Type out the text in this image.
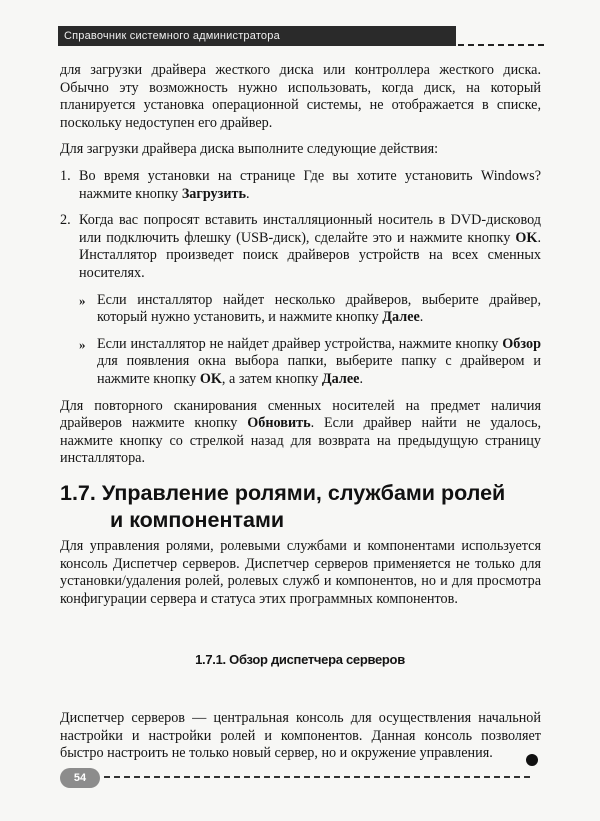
Справочник системного администратора

для загрузки драйвера жесткого диска или контроллера жесткого диска. Обычно эту возможность нужно использовать, когда диск, на который планируется установка операционной системы, не отображается в списке, поскольку недоступен его драйвер.

Для загрузки драйвера диска выполните следующие действия:

1. Во время установки на странице Где вы хотите установить Windows? нажмите кнопку Загрузить.
2. Когда вас попросят вставить инсталляционный носитель в DVD-дисковод или подключить флешку (USB-диск), сделайте это и нажмите кнопку OK. Инсталлятор произведет поиск драйверов устройств на всех сменных носителях.
» Если инсталлятор найдет несколько драйверов, выберите драйвер, который нужно установить, и нажмите кнопку Далее.
» Если инсталлятор не найдет драйвер устройства, нажмите кнопку Обзор для появления окна выбора папки, выберите папку с драйвером и нажмите кнопку OK, а затем кнопку Далее.

Для повторного сканирования сменных носителей на предмет наличия драйверов нажмите кнопку Обновить. Если драйвер найти не удалось, нажмите кнопку со стрелкой назад для возврата на предыдущую страницу инсталлятора.

1.7. Управление ролями, службами ролей
и компонентами

Для управления ролями, ролевыми службами и компонентами используется консоль Диспетчер серверов. Диспетчер серверов применяется не только для установки/удаления ролей, ролевых служб и компонентов, но и для просмотра конфигурации сервера и статуса этих программных компонентов.

1.7.1. Обзор диспетчера серверов

Диспетчер серверов — центральная консоль для осуществления начальной настройки и настройки ролей и компонентов. Данная консоль позволяет быстро настроить не только новый сервер, но и окружение управления.

54
